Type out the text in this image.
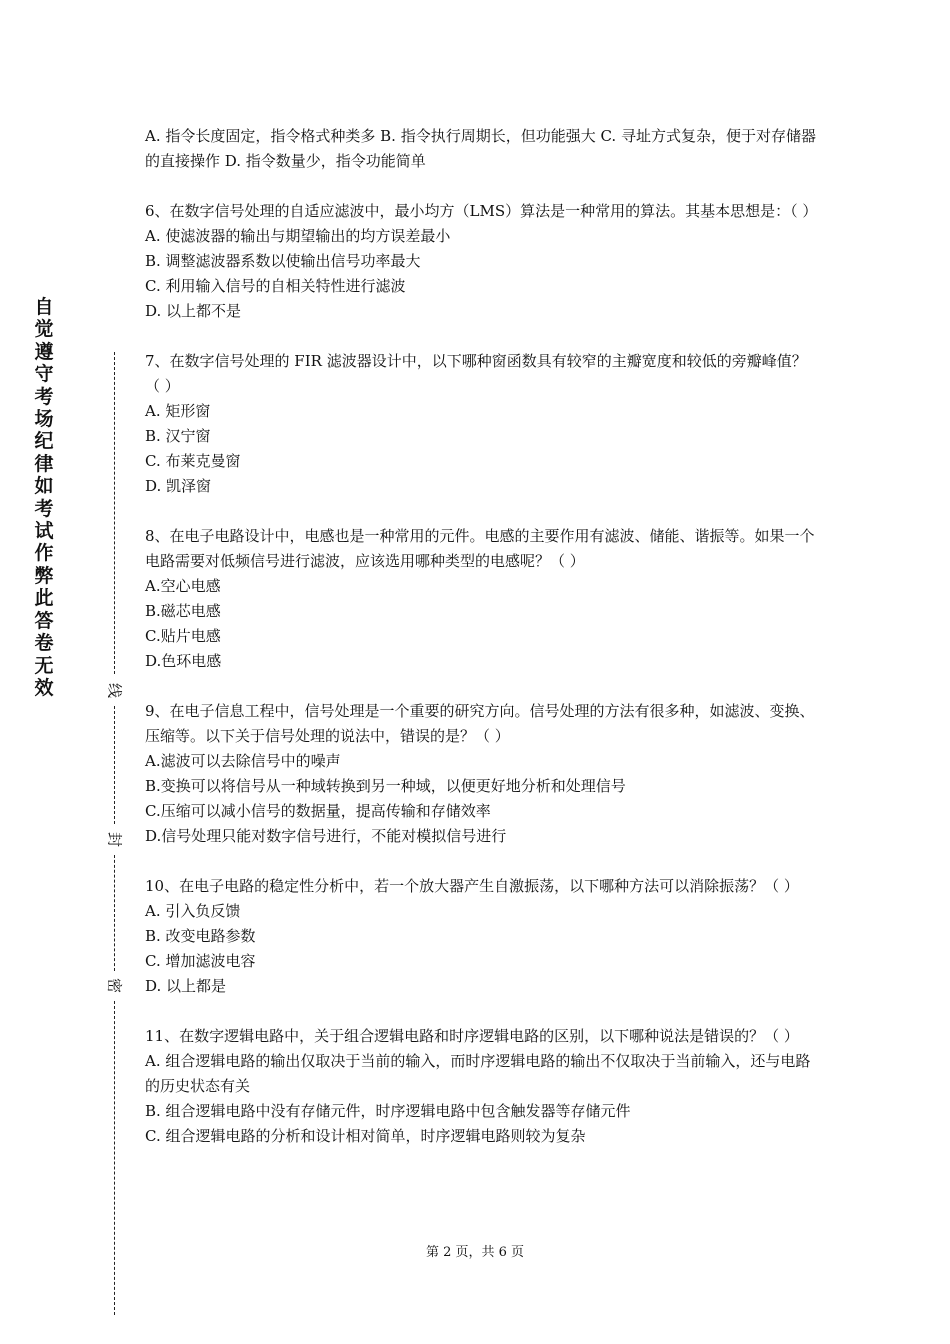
自觉遵守考场纪律如考试作弊此答卷无效	线
封
密

A. 指令长度固定，指令格式种类多 B. 指令执行周期长，但功能强大 C. 寻址方式复杂，便于对存储器的直接操作 D. 指令数量少，指令功能简单

6、在数字信号处理的自适应滤波中，最小均方（LMS）算法是一种常用的算法。其基本思想是：（ ）

A. 使滤波器的输出与期望输出的均方误差最小

B. 调整滤波器系数以使输出信号功率最大

C. 利用输入信号的自相关特性进行滤波

D. 以上都不是

7、在数字信号处理的 FIR 滤波器设计中，以下哪种窗函数具有较窄的主瓣宽度和较低的旁瓣峰值？（ ）

A. 矩形窗

B. 汉宁窗

C. 布莱克曼窗

D. 凯泽窗

8、在电子电路设计中，电感也是一种常用的元件。电感的主要作用有滤波、储能、谐振等。如果一个电路需要对低频信号进行滤波，应该选用哪种类型的电感呢？（ ）

A.空心电感

B.磁芯电感

C.贴片电感

D.色环电感

9、在电子信息工程中，信号处理是一个重要的研究方向。信号处理的方法有很多种，如滤波、变换、压缩等。以下关于信号处理的说法中，错误的是？（ ）

A.滤波可以去除信号中的噪声

B.变换可以将信号从一种域转换到另一种域，以便更好地分析和处理信号

C.压缩可以减小信号的数据量，提高传输和存储效率

D.信号处理只能对数字信号进行，不能对模拟信号进行

10、在电子电路的稳定性分析中，若一个放大器产生自激振荡，以下哪种方法可以消除振荡？（ ）

A. 引入负反馈

B. 改变电路参数

C. 增加滤波电容

D. 以上都是

11、在数字逻辑电路中，关于组合逻辑电路和时序逻辑电路的区别，以下哪种说法是错误的？（ ）

A. 组合逻辑电路的输出仅取决于当前的输入，而时序逻辑电路的输出不仅取决于当前输入，还与电路的历史状态有关

B. 组合逻辑电路中没有存储元件，时序逻辑电路中包含触发器等存储元件

C. 组合逻辑电路的分析和设计相对简单，时序逻辑电路则较为复杂

第 2 页，共 6 页
